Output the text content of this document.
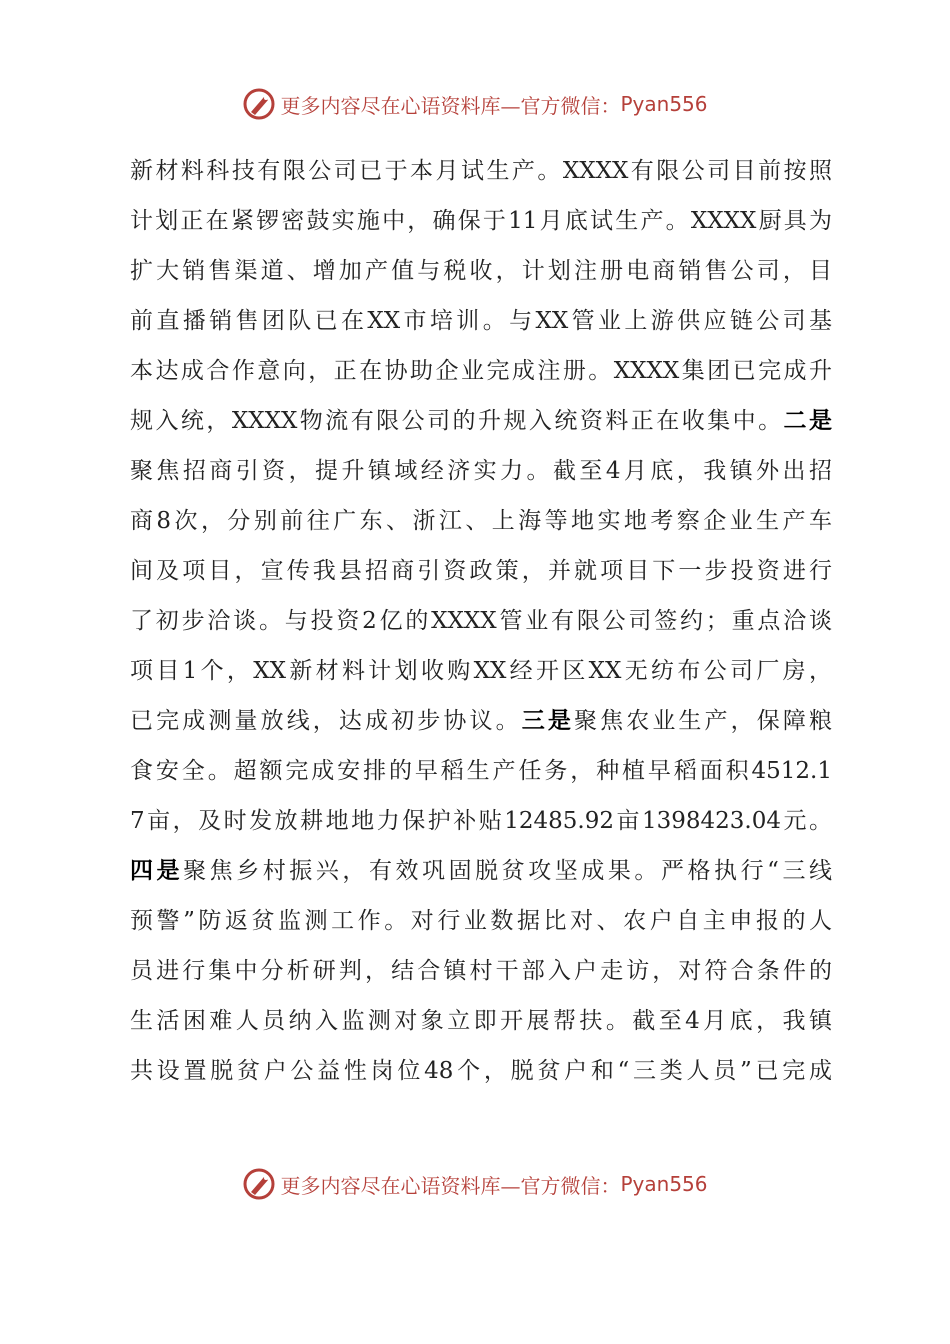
更多内容尽在心语资料库—官方微信： Pyan556
新材料科技有限公司已于本月试生产。XXXX有限公司目前按照
计划正在紧锣密鼓实施中，确保于11月底试生产。XXXX厨具为
扩大销售渠道、增加产值与税收，计划注册电商销售公司，目
前直播销售团队已在XX市培训。与XX管业上游供应链公司基
本达成合作意向，正在协助企业完成注册。XXXX集团已完成升
规入统，XXXX物流有限公司的升规入统资料正在收集中。二是
聚焦招商引资，提升镇域经济实力。截至4月底，我镇外出招
商8次，分别前往广东、浙江、上海等地实地考察企业生产车
间及项目，宣传我县招商引资政策，并就项目下一步投资进行
了初步洽谈。与投资2亿的XXXX管业有限公司签约；重点洽谈
项目1个，XX新材料计划收购XX经开区XX无纺布公司厂房，
已完成测量放线，达成初步协议。三是聚焦农业生产，保障粮
食安全。超额完成安排的早稻生产任务，种植早稻面积4512.1
7亩，及时发放耕地地力保护补贴12485.92亩1398423.04元。
四是聚焦乡村振兴，有效巩固脱贫攻坚成果。严格执行“三线
预警”防返贫监测工作。对行业数据比对、农户自主申报的人
员进行集中分析研判，结合镇村干部入户走访，对符合条件的
生活困难人员纳入监测对象立即开展帮扶。截至4月底，我镇
共设置脱贫户公益性岗位48个，脱贫户和“三类人员”已完成
更多内容尽在心语资料库—官方微信： Pyan556
